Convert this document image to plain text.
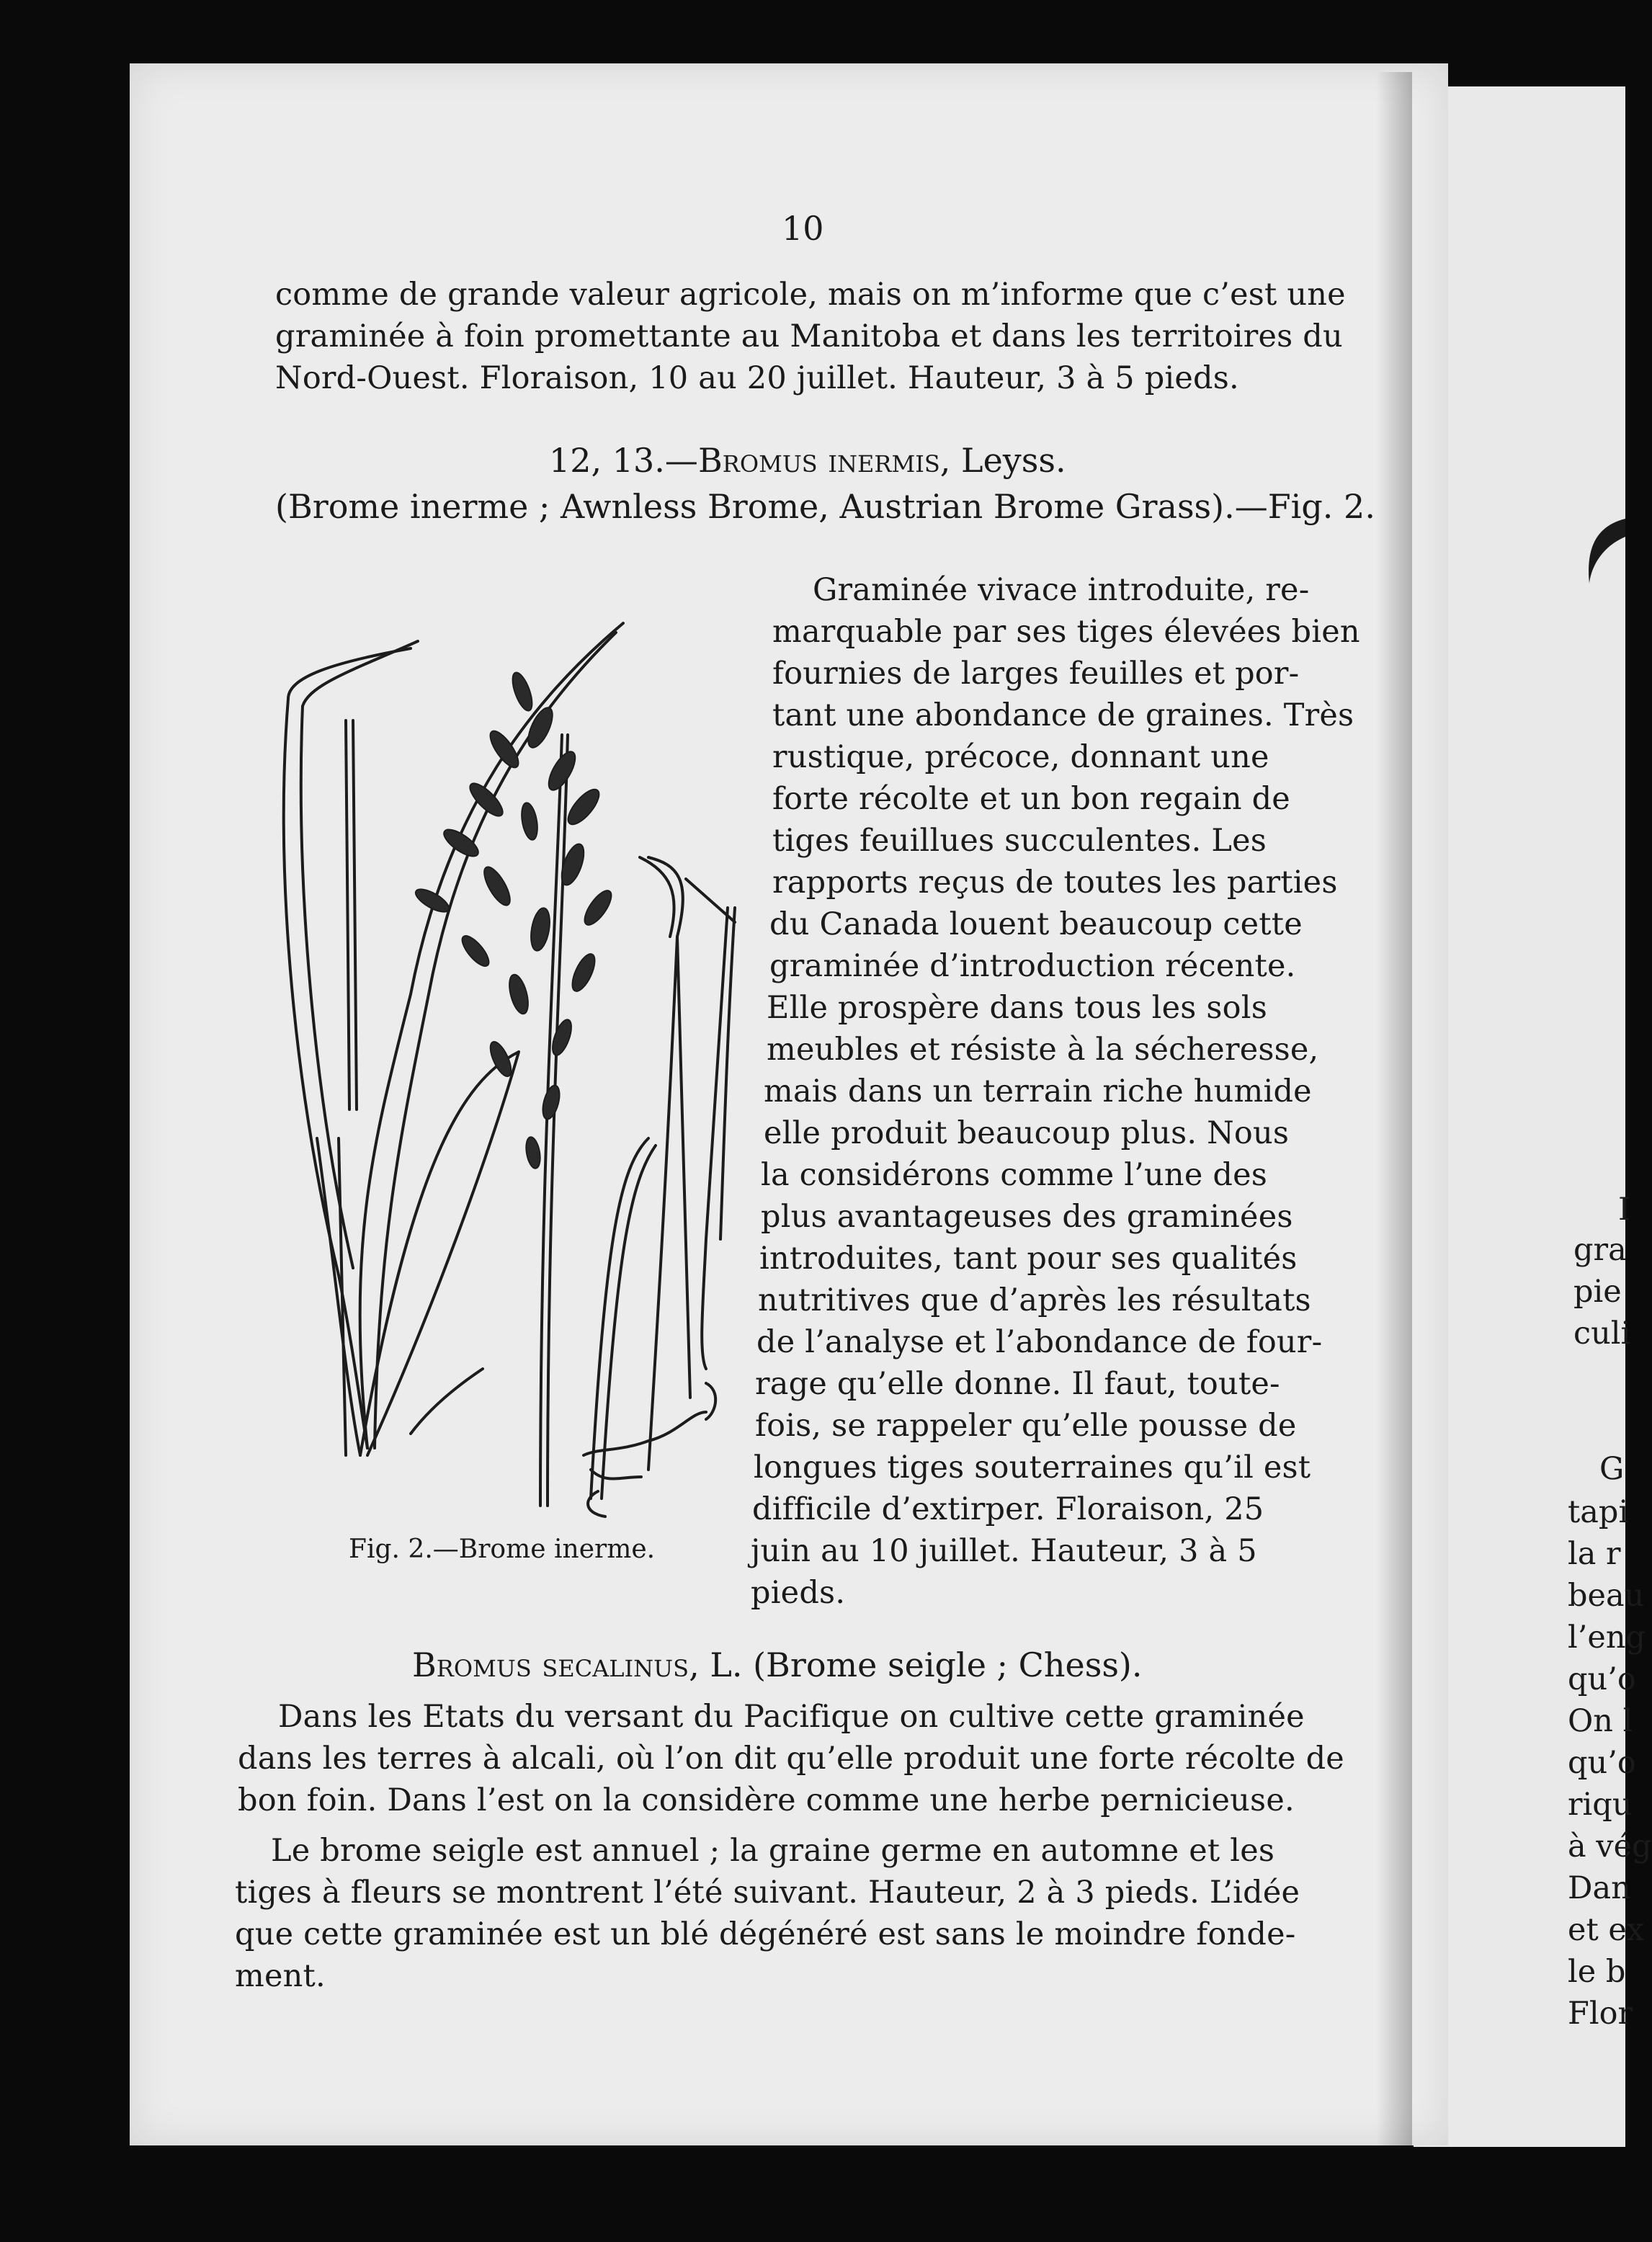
10
comme de grande valeur agricole, mais on m’informe que c’est une
graminée à foin promettante au Manitoba et dans les territoires du
Nord-Ouest. Floraison, 10 au 20 juillet. Hauteur, 3 à 5 pieds.
12, 13.—Bromus inermis, Leyss.
(Brome inerme ; Awnless Brome, Austrian Brome Grass).—Fig. 2.
Graminée vivace introduite, re-
marquable par ses tiges élevées bien
fournies de larges feuilles et por-
tant une abondance de graines. Très
rustique, précoce, donnant une
forte récolte et un bon regain de
tiges feuillues succulentes. Les
rapports reçus de toutes les parties
du Canada louent beaucoup cette
graminée d’introduction récente.
Elle prospère dans tous les sols
meubles et résiste à la sécheresse,
mais dans un terrain riche humide
elle produit beaucoup plus. Nous
la considérons comme l’une des
plus avantageuses des graminées
introduites, tant pour ses qualités
nutritives que d’après les résultats
de l’analyse et l’abondance de four-
rage qu’elle donne. Il faut, toute-
fois, se rappeler qu’elle pousse de
longues tiges souterraines qu’il est
difficile d’extirper. Floraison, 25
juin au 10 juillet. Hauteur, 3 à 5
pieds.
Fig. 2.—Brome inerme.
Bromus secalinus, L. (Brome seigle ; Chess).
Dans les Etats du versant du Pacifique on cultive cette graminée
dans les terres à alcali, où l’on dit qu’elle produit une forte récolte de
bon foin. Dans l’est on la considère comme une herbe pernicieuse.
Le brome seigle est annuel ; la graine germe en automne et les
tiges à fleurs se montrent l’été suivant. Hauteur, 2 à 3 pieds. L’idée
que cette graminée est un blé dégénéré est sans le moindre fonde-
ment.
I
gra
pie
culi
G
tapi
la r
beau
l’eng
qu’o
On l
qu’o
riqu
à vég
Dan
et ex
le b
Flor
